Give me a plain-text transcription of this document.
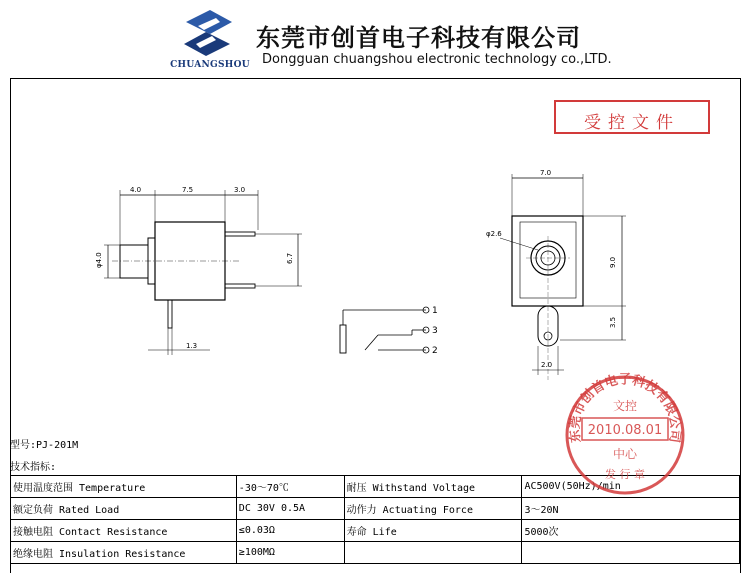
CHUANGSHOU
东莞市创首电子科技有限公司
Dongguan chuangshou electronic technology co.,LTD.
受控文件
4.0	7.5	3.0
6.7
φ4.0
1.3
1
3
2
7.0
φ2.6
9.0
3.5
2.0
型号:PJ-201M
技术指标:
使用温度范围 Temperature	-30～70℃	耐压 Withstand Voltage	AC500V(50Hz)/min
额定负荷 Rated Load	DC 30V 0.5A	动作力 Actuating Force	3～20N
接触电阻 Contact Resistance	≤0.03Ω	寿命 Life	5000次
绝缘电阻 Insulation Resistance	≥100MΩ		
东莞市创首电子科技有限公司
文控
2010.08.01
中心
发 行 章
